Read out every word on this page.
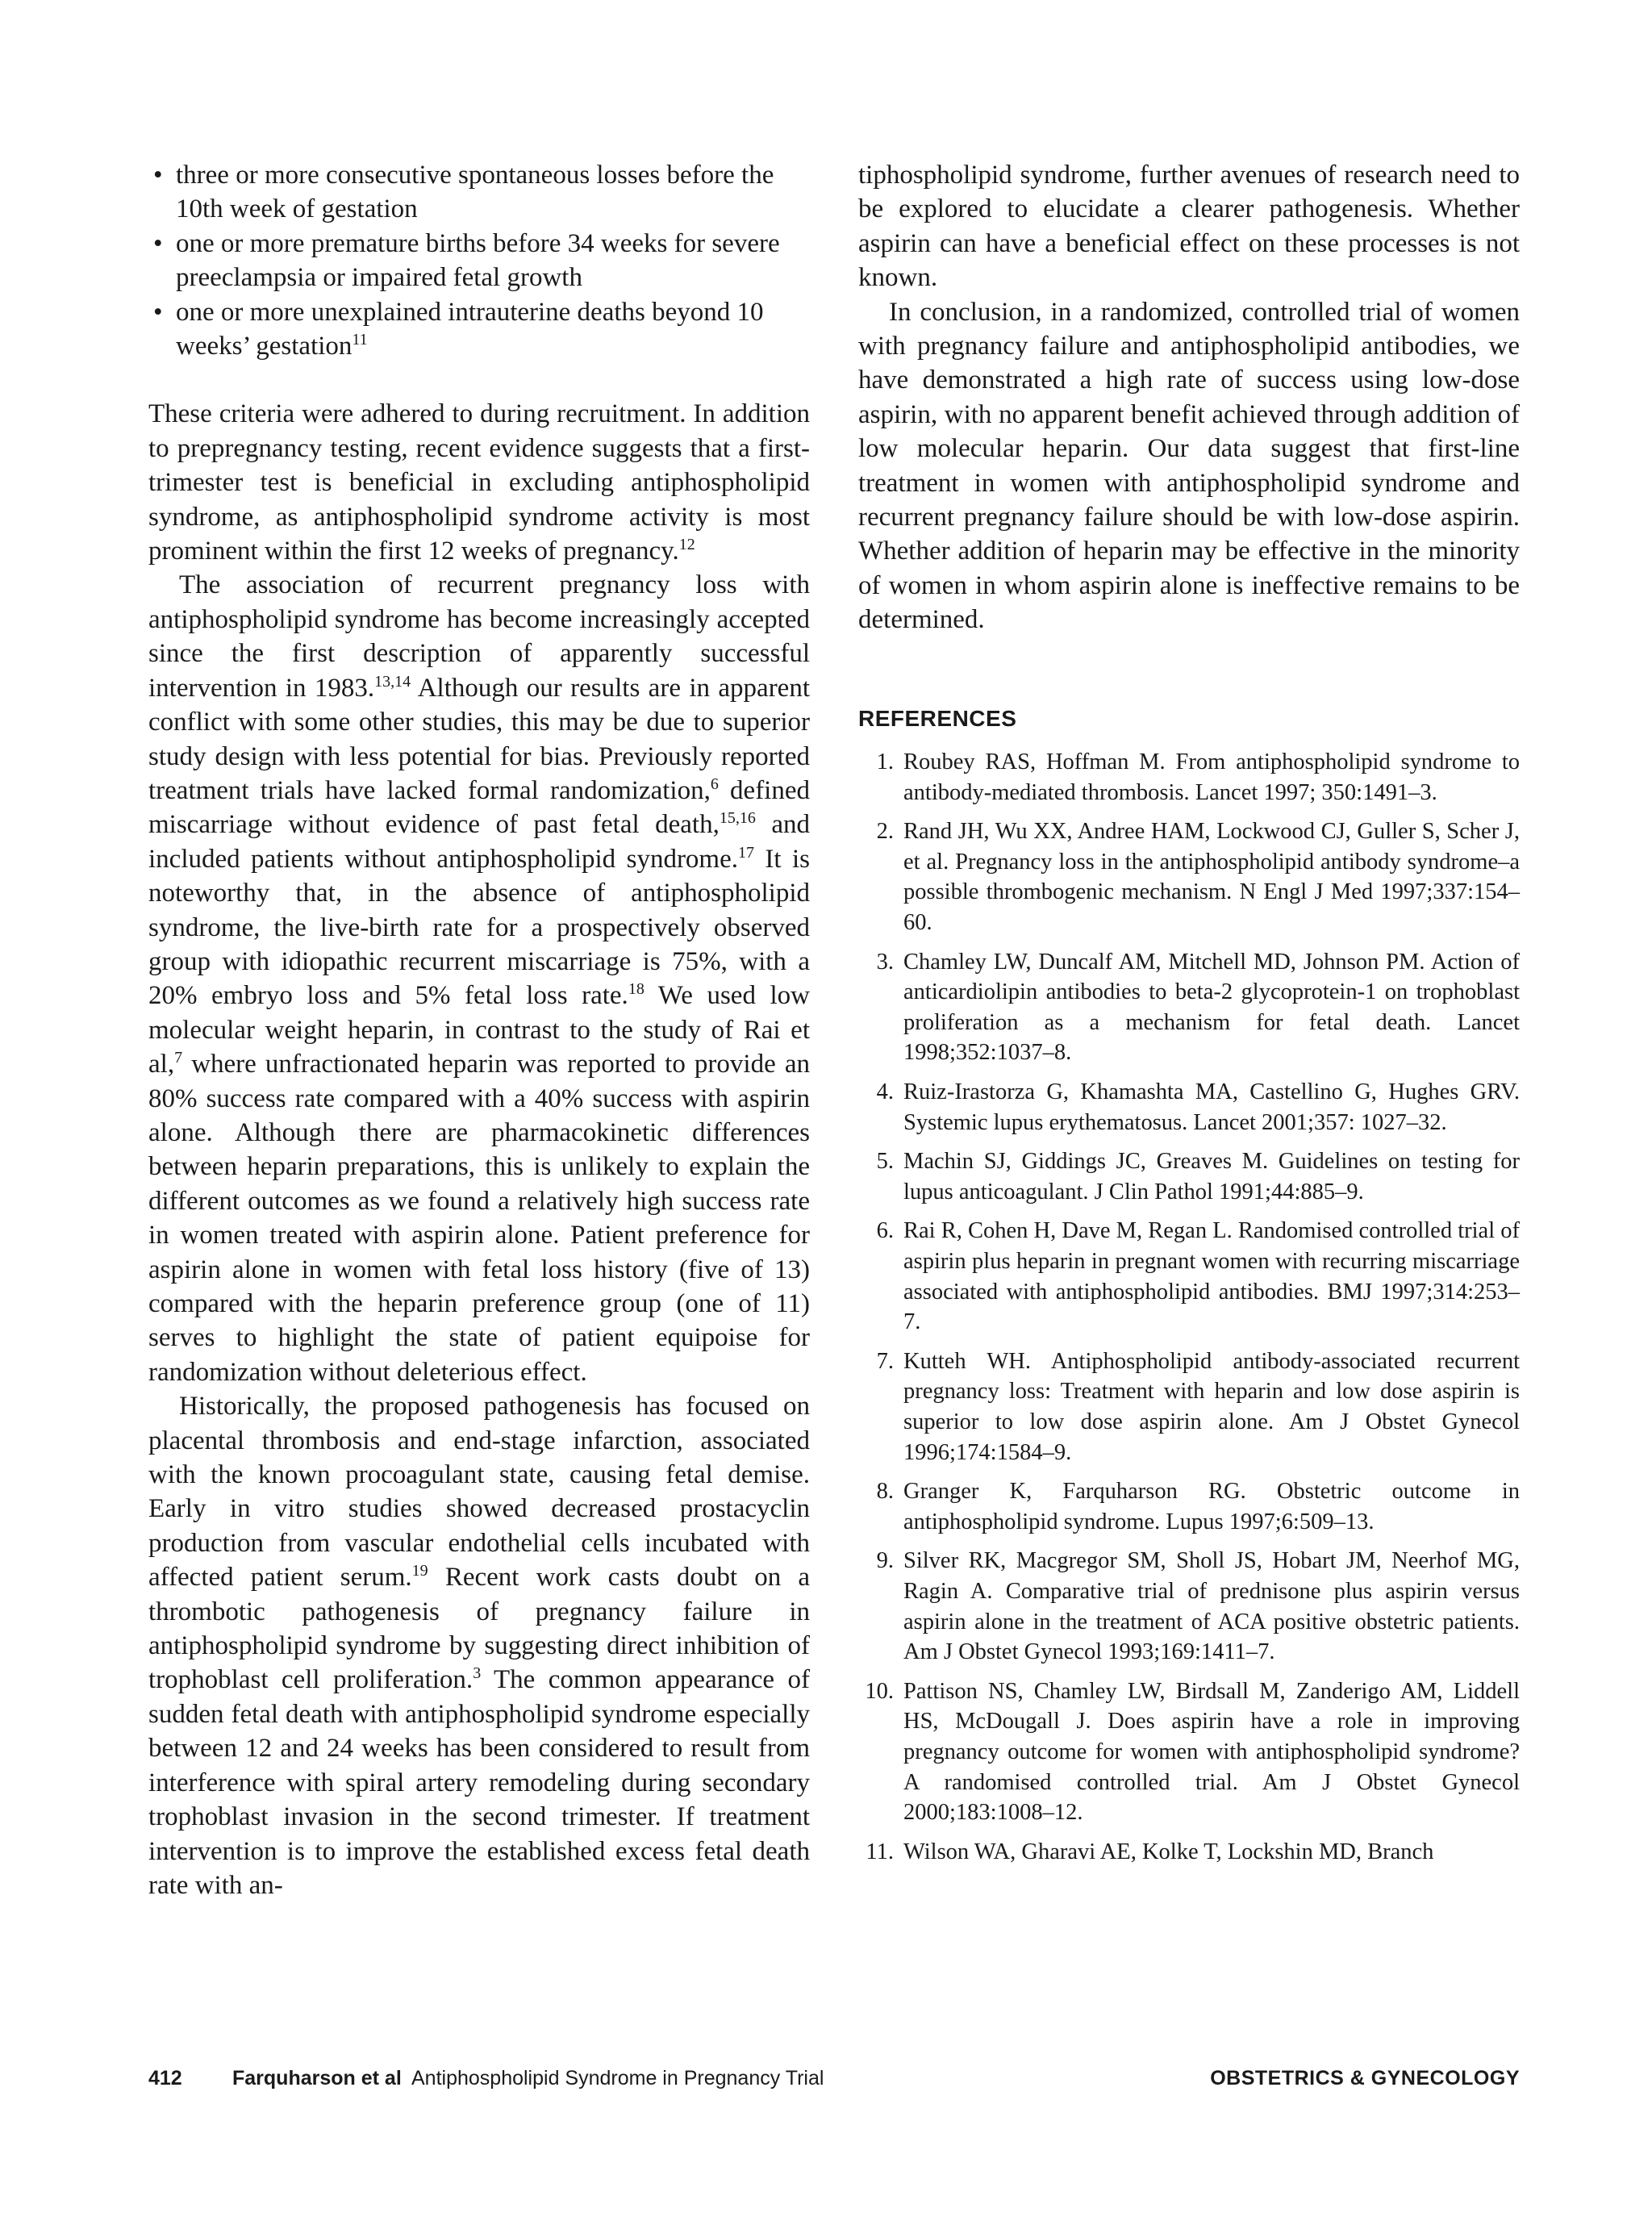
• three or more consecutive spontaneous losses before the 10th week of gestation
• one or more premature births before 34 weeks for severe preeclampsia or impaired fetal growth
• one or more unexplained intrauterine deaths beyond 10 weeks’ gestation$^{11}$

These criteria were adhered to during recruitment. In addition to prepregnancy testing, recent evidence suggests that a first-trimester test is beneficial in excluding antiphospholipid syndrome, as antiphospholipid syndrome activity is most prominent within the first 12 weeks of pregnancy.$^{12}$

The association of recurrent pregnancy loss with antiphospholipid syndrome has become increasingly accepted since the first description of apparently successful intervention in 1983.$^{13,14}$ Although our results are in apparent conflict with some other studies, this may be due to superior study design with less potential for bias. Previously reported treatment trials have lacked formal randomization,$^6$ defined miscarriage without evidence of past fetal death,$^{15,16}$ and included patients without antiphospholipid syndrome.$^{17}$ It is noteworthy that, in the absence of antiphospholipid syndrome, the live-birth rate for a prospectively observed group with idiopathic recurrent miscarriage is 75%, with a 20% embryo loss and 5% fetal loss rate.$^{18}$ We used low molecular weight heparin, in contrast to the study of Rai et al,$^7$ where unfractionated heparin was reported to provide an 80% success rate compared with a 40% success with aspirin alone. Although there are pharmacokinetic differences between heparin preparations, this is unlikely to explain the different outcomes as we found a relatively high success rate in women treated with aspirin alone. Patient preference for aspirin alone in women with fetal loss history (five of 13) compared with the heparin preference group (one of 11) serves to highlight the state of patient equipoise for randomization without deleterious effect.

Historically, the proposed pathogenesis has focused on placental thrombosis and end-stage infarction, associated with the known procoagulant state, causing fetal demise. Early in vitro studies showed decreased prostacyclin production from vascular endothelial cells incubated with affected patient serum.$^{19}$ Recent work casts doubt on a thrombotic pathogenesis of pregnancy failure in antiphospholipid syndrome by suggesting direct inhibition of trophoblast cell proliferation.$^3$ The common appearance of sudden fetal death with antiphospholipid syndrome especially between 12 and 24 weeks has been considered to result from interference with spiral artery remodeling during secondary trophoblast invasion in the second trimester. If treatment intervention is to improve the established excess fetal death rate with an-

tiphospholipid syndrome, further avenues of research need to be explored to elucidate a clearer pathogenesis. Whether aspirin can have a beneficial effect on these processes is not known.

In conclusion, in a randomized, controlled trial of women with pregnancy failure and antiphospholipid antibodies, we have demonstrated a high rate of success using low-dose aspirin, with no apparent benefit achieved through addition of low molecular heparin. Our data suggest that first-line treatment in women with antiphospholipid syndrome and recurrent pregnancy failure should be with low-dose aspirin. Whether addition of heparin may be effective in the minority of women in whom aspirin alone is ineffective remains to be determined.

REFERENCES
1. Roubey RAS, Hoffman M. From antiphospholipid syndrome to antibody-mediated thrombosis. Lancet 1997; 350:1491–3.
2. Rand JH, Wu XX, Andree HAM, Lockwood CJ, Guller S, Scher J, et al. Pregnancy loss in the antiphospholipid antibody syndrome–a possible thrombogenic mechanism. N Engl J Med 1997;337:154–60.
3. Chamley LW, Duncalf AM, Mitchell MD, Johnson PM. Action of anticardiolipin antibodies to beta-2 glycoprotein-1 on trophoblast proliferation as a mechanism for fetal death. Lancet 1998;352:1037–8.
4. Ruiz-Irastorza G, Khamashta MA, Castellino G, Hughes GRV. Systemic lupus erythematosus. Lancet 2001;357: 1027–32.
5. Machin SJ, Giddings JC, Greaves M. Guidelines on testing for lupus anticoagulant. J Clin Pathol 1991;44:885–9.
6. Rai R, Cohen H, Dave M, Regan L. Randomised controlled trial of aspirin plus heparin in pregnant women with recurring miscarriage associated with antiphospholipid antibodies. BMJ 1997;314:253–7.
7. Kutteh WH. Antiphospholipid antibody-associated recurrent pregnancy loss: Treatment with heparin and low dose aspirin is superior to low dose aspirin alone. Am J Obstet Gynecol 1996;174:1584–9.
8. Granger K, Farquharson RG. Obstetric outcome in antiphospholipid syndrome. Lupus 1997;6:509–13.
9. Silver RK, Macgregor SM, Sholl JS, Hobart JM, Neerhof MG, Ragin A. Comparative trial of prednisone plus aspirin versus aspirin alone in the treatment of ACA positive obstetric patients. Am J Obstet Gynecol 1993;169:1411–7.
10. Pattison NS, Chamley LW, Birdsall M, Zanderigo AM, Liddell HS, McDougall J. Does aspirin have a role in improving pregnancy outcome for women with antiphospholipid syndrome? A randomised controlled trial. Am J Obstet Gynecol 2000;183:1008–12.
11. Wilson WA, Gharavi AE, Kolke T, Lockshin MD, Branch
412 Farquharson et al Antiphospholipid Syndrome in Pregnancy Trial	OBSTETRICS & GYNECOLOGY
